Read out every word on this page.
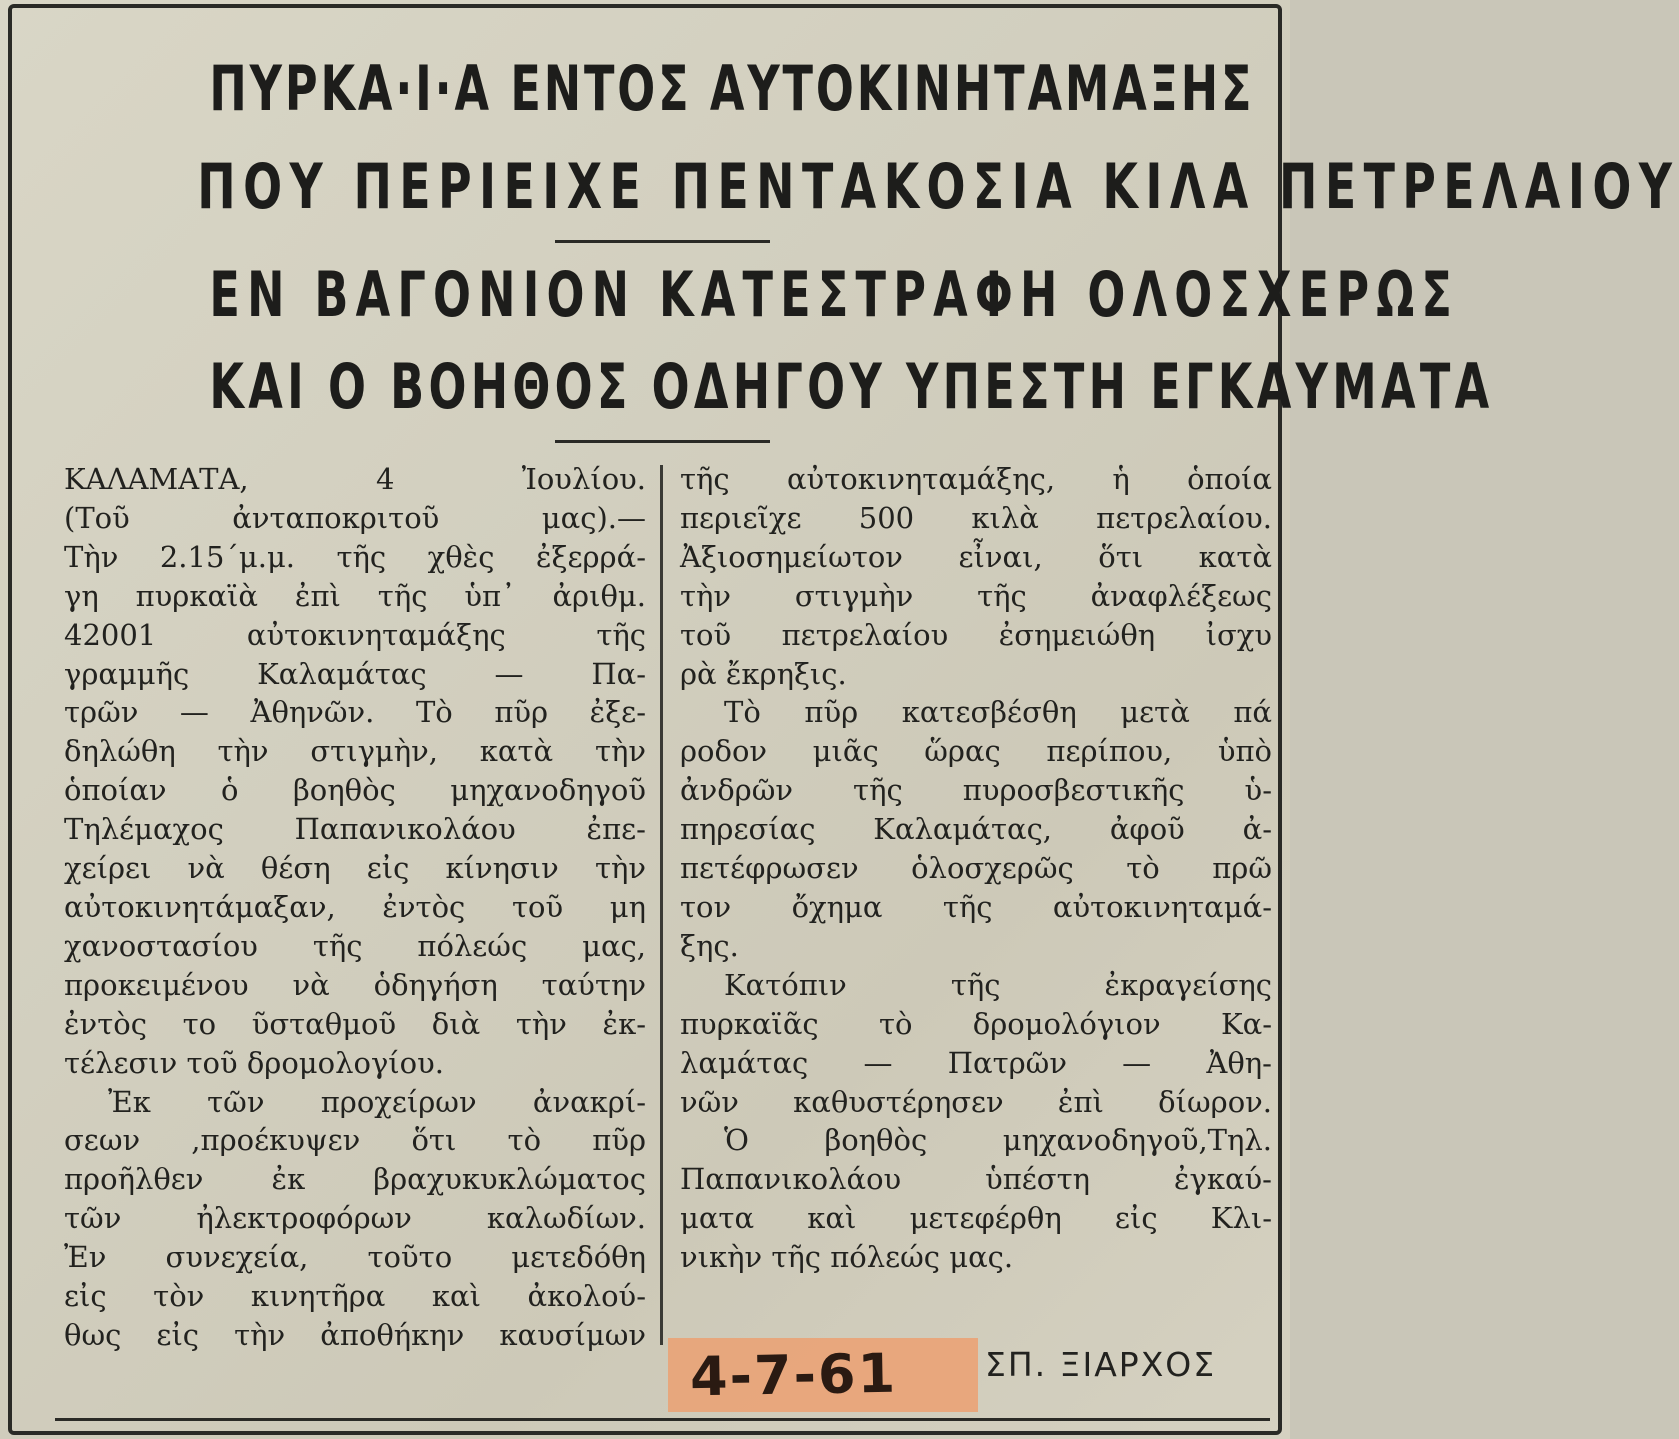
ΠΥΡΚΑ·Ι·Α ΕΝΤΟΣ ΑΥΤΟΚΙΝΗΤΑΜΑΞΗΣ
ΠΟΥ ΠΕΡΙΕΙΧΕ ΠΕΝΤΑΚΟΣΙΑ ΚΙΛΑ ΠΕΤΡΕΛΑΙΟΥ
ΕΝ ΒΑΓΟΝΙΟΝ ΚΑΤΕΣΤΡΑΦΗ ΟΛΟΣΧΕΡΩΣ
ΚΑΙ Ο ΒΟΗΘΟΣ ΟΔΗΓΟΥ ΥΠΕΣΤΗ ΕΓΚΑΥΜΑΤΑ

ΚΑΛΑΜΑΤΑ, 4 Ἰουλίου.

(Τοῦ ἀνταποκριτοῦ μας).—

Τὴν 2.15΄μ.μ. τῆς χθὲς ἐξερρά-

γη πυρκαϊὰ ἐπὶ τῆς ὑπ᾽ ἀριθμ.

42001 αὐτοκινηταμάξης τῆς

γραμμῆς Καλαμάτας — Πα-

τρῶν — Ἀθηνῶν. Τὸ πῦρ ἐξε-

δηλώθη τὴν στιγμὴν, κατὰ τὴν

ὁποίαν ὁ βοηθὸς μηχανοδηγοῦ

Τηλέμαχος Παπανικολάου ἐπε-

χείρει νὰ θέση εἰς κίνησιν τὴν

αὐτοκινητάμαξαν, ἐντὸς τοῦ μη

χανοστασίου τῆς πόλεώς μας,

προκειμένου νὰ ὁδηγήση ταύτην

ἐντὸς το ῦσταθμοῦ διὰ τὴν ἐκ-

τέλεσιν τοῦ δρομολογίου.

Ἐκ τῶν προχείρων ἀνακρί-

σεων ,προέκυψεν ὅτι τὸ πῦρ

προῆλθεν ἐκ βραχυκυκλώματος

τῶν ἠλεκτροφόρων καλωδίων.

Ἐν συνεχεία, τοῦτο μετεδόθη

εἰς τὸν κινητῆρα καὶ ἀκολού-

θως εἰς τὴν ἀποθήκην καυσίμων

τῆς αὐτοκινηταμάξης, ἡ ὁποία

περιεῖχε 500 κιλὰ πετρελαίου.

Ἀξιοσημείωτον εἶναι, ὅτι κατὰ

τὴν στιγμὴν τῆς ἀναφλέξεως

τοῦ πετρελαίου ἐσημειώθη ἰσχυ

ρὰ ἔκρηξις.

Τὸ πῦρ κατεσβέσθη μετὰ πά

ροδον μιᾶς ὥρας περίπου, ὑπὸ

ἀνδρῶν τῆς πυροσβεστικῆς ὑ-

πηρεσίας Καλαμάτας, ἀφοῦ ἀ-

πετέφρωσεν ὁλοσχερῶς τὸ πρῶ

τον ὄχημα τῆς αὐτοκινηταμά-

ξης.

Κατόπιν τῆς ἐκραγείσης

πυρκαϊᾶς τὸ δρομολόγιον Κα-

λαμάτας — Πατρῶν — Ἀθη-

νῶν καθυστέρησεν ἐπὶ δίωρον.

Ὁ βοηθὸς μηχανοδηγοῦ,Τηλ.

Παπανικολάου ὑπέστη ἐγκαύ-

ματα καὶ μετεφέρθη εἰς Κλι-

νικὴν τῆς πόλεώς μας.

4-7-61	ΣΠ. ΞΙΑΡΧΟΣ
